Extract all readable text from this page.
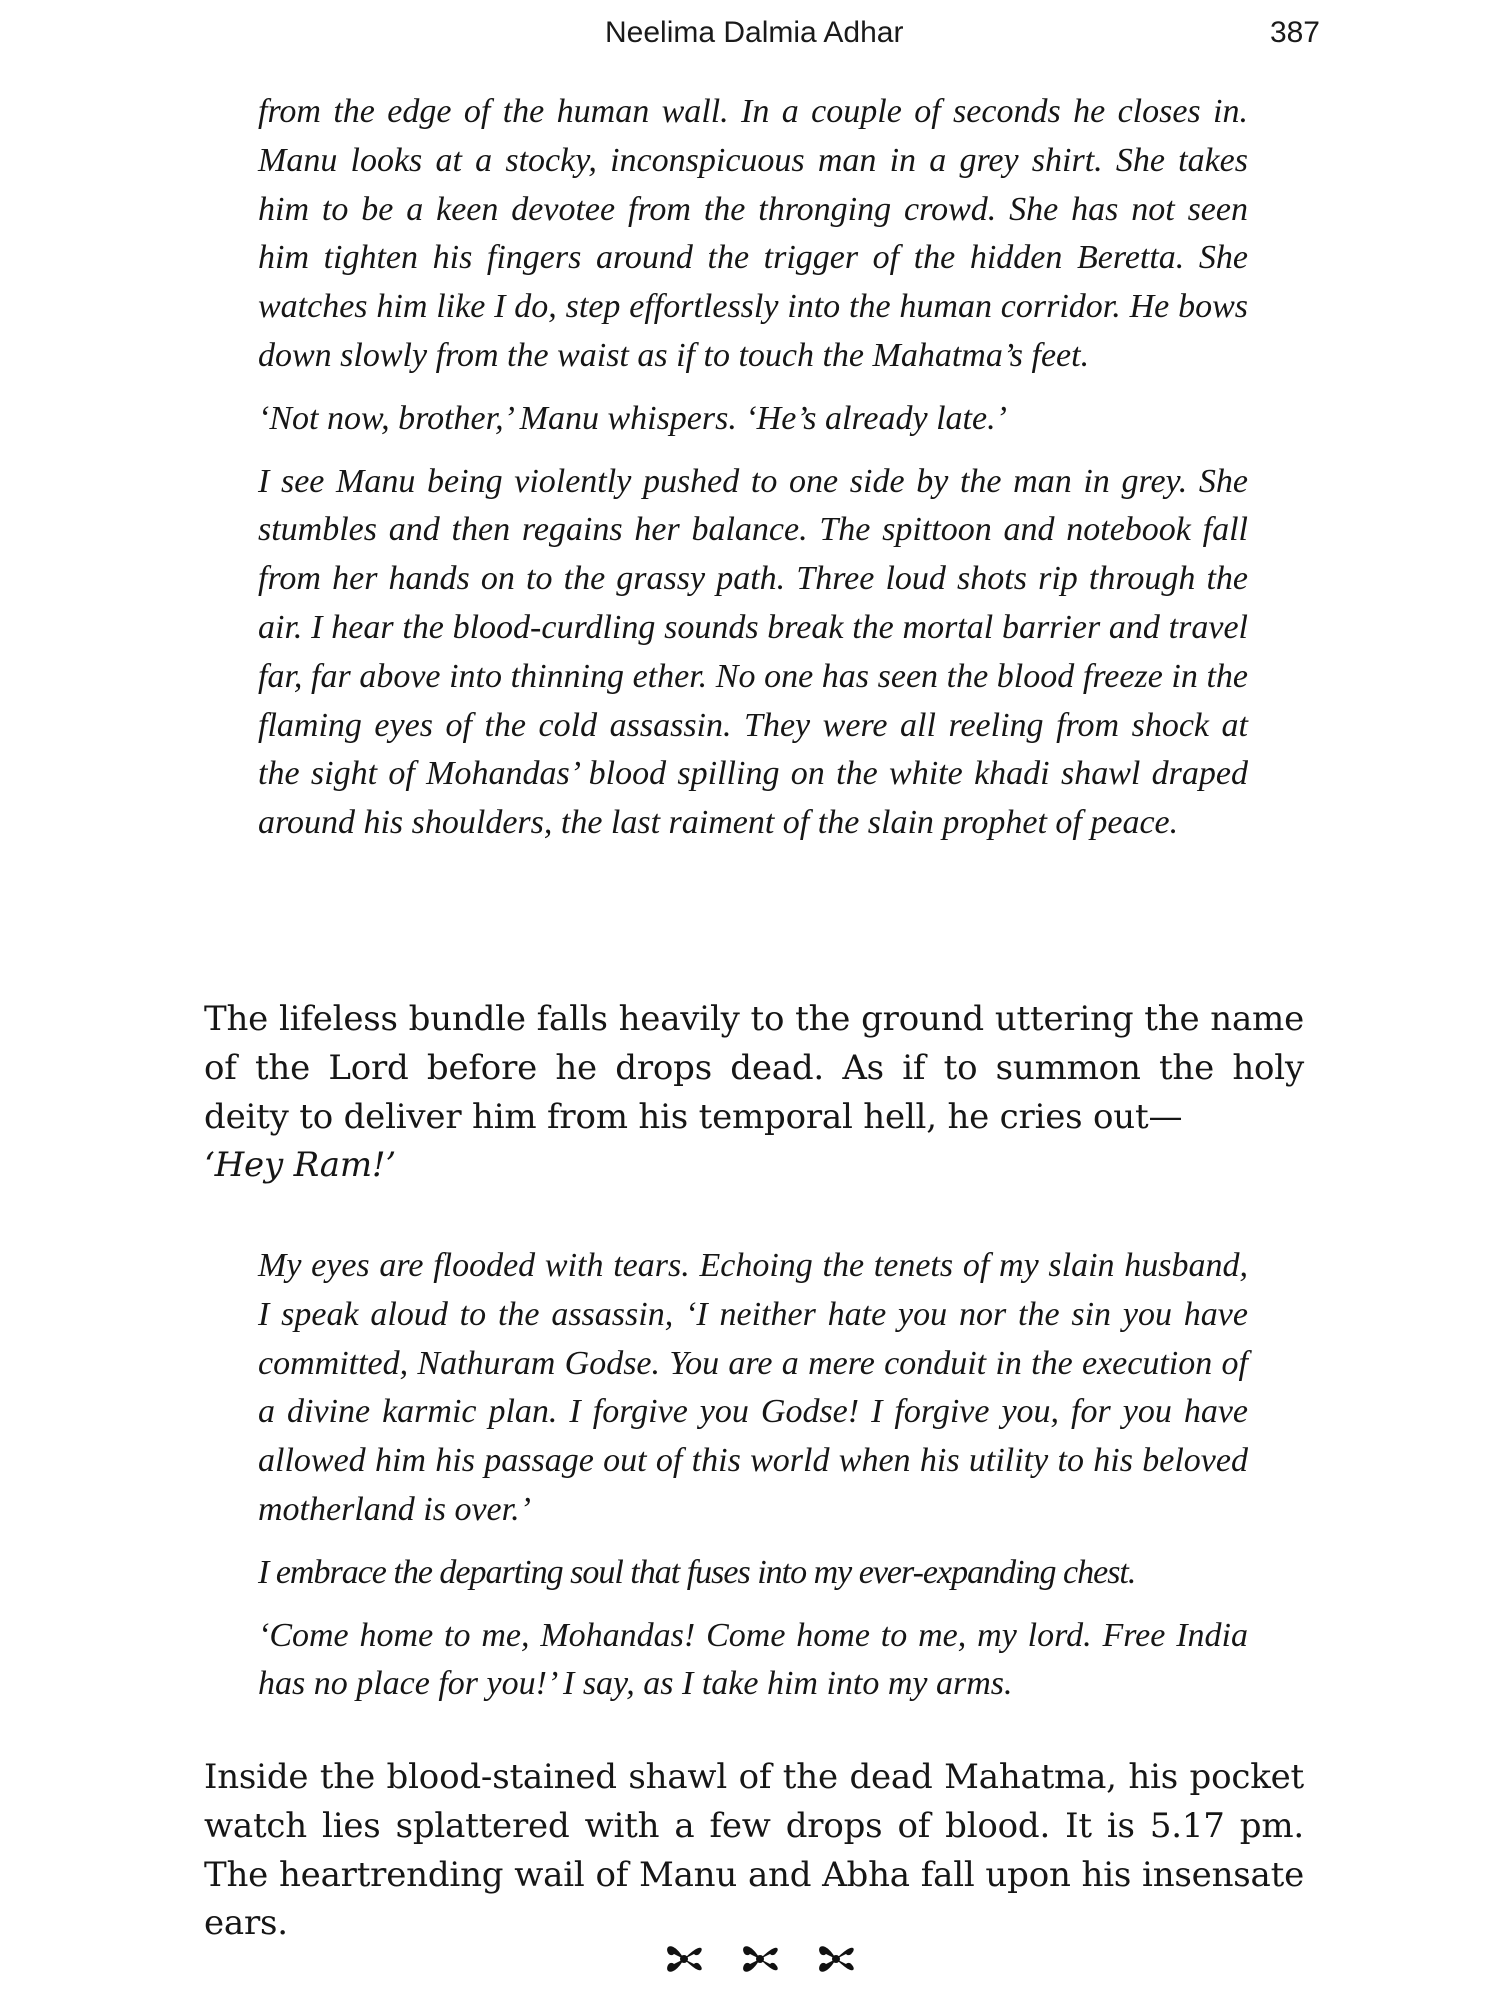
Neelima Dalmia Adhar	387

from the edge of the human wall. In a couple of seconds he closes in. Manu looks at a stocky, inconspicuous man in a grey shirt. She takes him to be a keen devotee from the thronging crowd. She has not seen him tighten his fingers around the trigger of the hidden Beretta. She watches him like I do, step effortlessly into the human corridor. He bows down slowly from the waist as if to touch the Mahatma’s feet.

‘Not now, brother,’ Manu whispers. ‘He’s already late.’

I see Manu being violently pushed to one side by the man in grey. She stumbles and then regains her balance. The spittoon and notebook fall from her hands on to the grassy path. Three loud shots rip through the air. I hear the blood-curdling sounds break the mortal barrier and travel far, far above into thinning ether. No one has seen the blood freeze in the flaming eyes of the cold assassin. They were all reeling from shock at the sight of Mohandas’ blood spilling on the white khadi shawl draped around his shoulders, the last raiment of the slain prophet of peace.

The lifeless bundle falls heavily to the ground uttering the name of the Lord before he drops dead. As if to summon the holy deity to deliver him from his temporal hell, he cries out—

‘Hey Ram!’

My eyes are flooded with tears. Echoing the tenets of my slain husband, I speak aloud to the assassin, ‘I neither hate you nor the sin you have committed, Nathuram Godse. You are a mere conduit in the execution of a divine karmic plan. I forgive you Godse! I forgive you, for you have allowed him his passage out of this world when his utility to his beloved motherland is over.’

I embrace the departing soul that fuses into my ever-expanding chest.

‘Come home to me, Mohandas! Come home to me, my lord. Free India has no place for you!’ I say, as I take him into my arms.

Inside the blood-stained shawl of the dead Mahatma, his pocket watch lies splattered with a few drops of blood. It is 5.17 pm. The heartrending wail of Manu and Abha fall upon his insensate ears.
